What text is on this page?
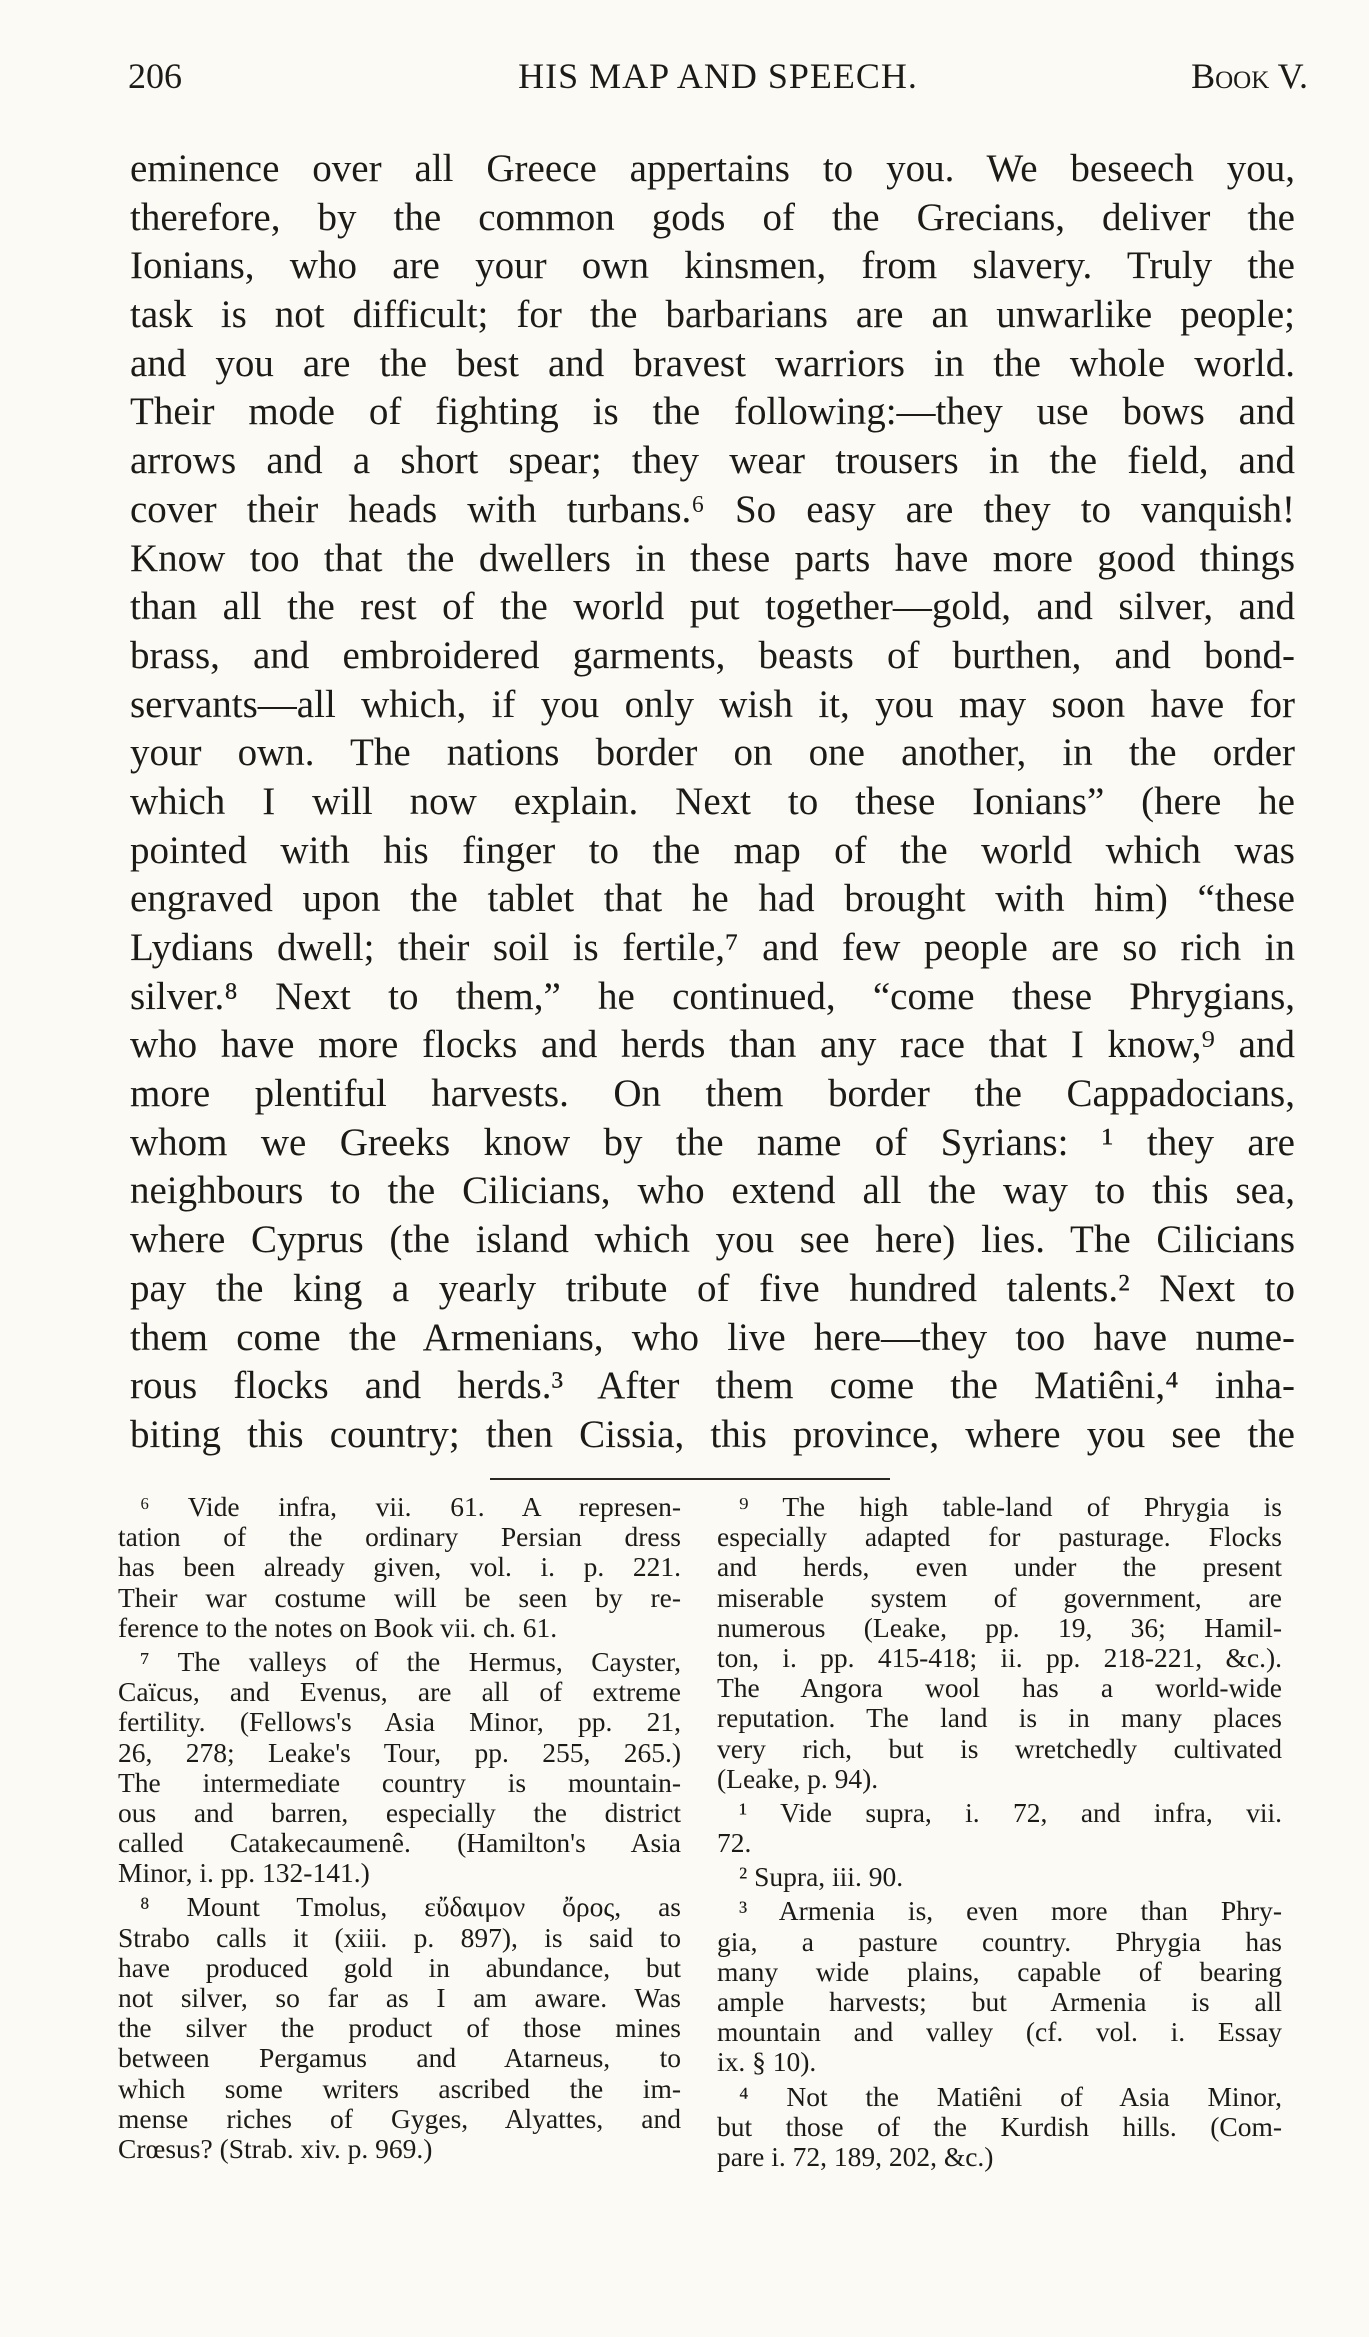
206	HIS MAP AND SPEECH.	Book V.
eminence over all Greece appertains to you. We beseech you,
therefore, by the common gods of the Grecians, deliver the
Ionians, who are your own kinsmen, from slavery. Truly the
task is not difficult; for the barbarians are an unwarlike people;
and you are the best and bravest warriors in the whole world.
Their mode of fighting is the following:—they use bows and
arrows and a short spear; they wear trousers in the field, and
cover their heads with turbans.⁶ So easy are they to vanquish!
Know too that the dwellers in these parts have more good things
than all the rest of the world put together—gold, and silver, and
brass, and embroidered garments, beasts of burthen, and bond-
servants—all which, if you only wish it, you may soon have for
your own. The nations border on one another, in the order
which I will now explain. Next to these Ionians” (here he
pointed with his finger to the map of the world which was
engraved upon the tablet that he had brought with him) “these
Lydians dwell; their soil is fertile,⁷ and few people are so rich in
silver.⁸ Next to them,” he continued, “come these Phrygians,
who have more flocks and herds than any race that I know,⁹ and
more plentiful harvests. On them border the Cappadocians,
whom we Greeks know by the name of Syrians: ¹ they are
neighbours to the Cilicians, who extend all the way to this sea,
where Cyprus (the island which you see here) lies. The Cilicians
pay the king a yearly tribute of five hundred talents.² Next to
them come the Armenians, who live here—they too have nume-
rous flocks and herds.³ After them come the Matiêni,⁴ inha-
biting this country; then Cissia, this province, where you see the
⁶ Vide infra, vii. 61. A represen-
tation of the ordinary Persian dress
has been already given, vol. i. p. 221.
Their war costume will be seen by re-
ference to the notes on Book vii. ch. 61.
⁷ The valleys of the Hermus, Cayster,
Caïcus, and Evenus, are all of extreme
fertility. (Fellows's Asia Minor, pp. 21,
26, 278; Leake's Tour, pp. 255, 265.)
The intermediate country is mountain-
ous and barren, especially the district
called Catakecaumenê. (Hamilton's Asia
Minor, i. pp. 132-141.)
⁸ Mount Tmolus, εὔδαιμον ὄρος, as
Strabo calls it (xiii. p. 897), is said to
have produced gold in abundance, but
not silver, so far as I am aware. Was
the silver the product of those mines
between Pergamus and Atarneus, to
which some writers ascribed the im-
mense riches of Gyges, Alyattes, and
Crœsus? (Strab. xiv. p. 969.)
⁹ The high table-land of Phrygia is
especially adapted for pasturage. Flocks
and herds, even under the present
miserable system of government, are
numerous (Leake, pp. 19, 36; Hamil-
ton, i. pp. 415-418; ii. pp. 218-221, &c.).
The Angora wool has a world-wide
reputation. The land is in many places
very rich, but is wretchedly cultivated
(Leake, p. 94).
¹ Vide supra, i. 72, and infra, vii.
72.
² Supra, iii. 90.
³ Armenia is, even more than Phry-
gia, a pasture country. Phrygia has
many wide plains, capable of bearing
ample harvests; but Armenia is all
mountain and valley (cf. vol. i. Essay
ix. § 10).
⁴ Not the Matiêni of Asia Minor,
but those of the Kurdish hills. (Com-
pare i. 72, 189, 202, &c.)
